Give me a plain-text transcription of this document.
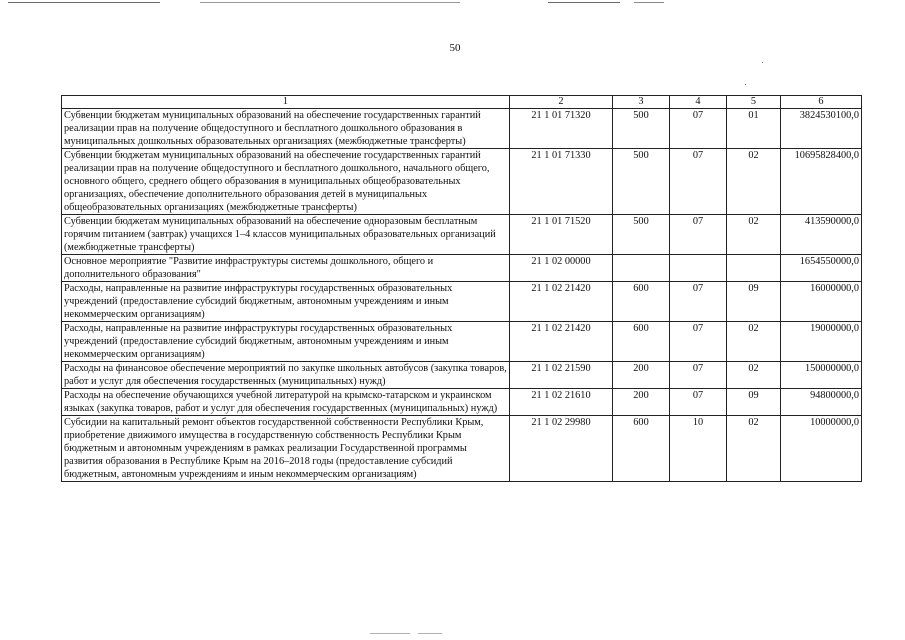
50
1	2	3	4	5	6
Субвенции бюджетам муниципальных образований на обеспечение государственных гарантий реализации прав на получение общедоступного и бесплатного дошкольного образования в муниципальных дошкольных образовательных организациях (межбюджетные трансферты)	21 1 01 71320	500	07	01	3824530100,0
Субвенции бюджетам муниципальных образований на обеспечение государственных гарантий реализации прав на получение общедоступного и бесплатного дошкольного, начального общего, основного общего, среднего общего образования в муниципальных общеобразовательных организациях, обеспечение дополнительного образования детей в муниципальных общеобразовательных организациях (межбюджетные трансферты)	21 1 01 71330	500	07	02	10695828400,0
Субвенции бюджетам муниципальных образований на обеспечение одноразовым бесплатным горячим питанием (завтрак) учащихся 1–4 классов муниципальных образовательных организаций (межбюджетные трансферты)	21 1 01 71520	500	07	02	413590000,0
Основное мероприятие "Развитие инфраструктуры системы дошкольного, общего и дополнительного образования"	21 1 02 00000				1654550000,0
Расходы, направленные на развитие инфраструктуры государственных образовательных учреждений (предоставление субсидий бюджетным, автономным учреждениям и иным некоммерческим организациям)	21 1 02 21420	600	07	09	16000000,0
Расходы, направленные на развитие инфраструктуры государственных образовательных учреждений (предоставление субсидий бюджетным, автономным учреждениям и иным некоммерческим организациям)	21 1 02 21420	600	07	02	19000000,0
Расходы на финансовое обеспечение мероприятий по закупке школьных автобусов (закупка товаров, работ и услуг для обеспечения государственных (муниципальных) нужд)	21 1 02 21590	200	07	02	150000000,0
Расходы на обеспечение обучающихся учебной литературой на крымско-татарском и украинском языках (закупка товаров, работ и услуг для обеспечения государственных (муниципальных) нужд)	21 1 02 21610	200	07	09	94800000,0
Субсидии на капитальный ремонт объектов государственной собственности Республики Крым, приобретение движимого имущества в государственную собственность Республики Крым бюджетным и автономным учреждениям в рамках реализации Государственной программы развития образования в Республике Крым на 2016–2018 годы (предоставление субсидий бюджетным, автономным учреждениям и иным некоммерческим организациям)	21 1 02 29980	600	10	02	10000000,0
